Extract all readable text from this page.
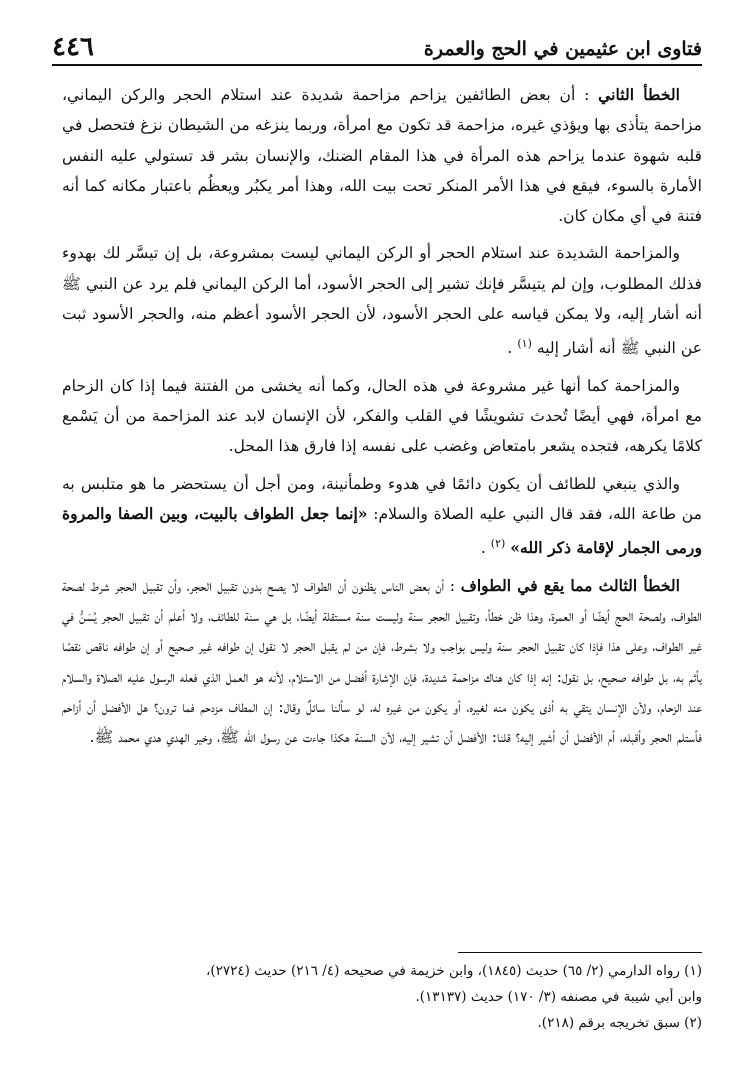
٤٤٦	فتاوى ابن عثيمين في الحج والعمرة

الخطأ الثاني : أن بعض الطائفين يزاحم مزاحمة شديدة عند استلام الحجر والركن اليماني، مزاحمة يتأذى بها ويؤذي غيره، مزاحمة قد تكون مع امرأة، وربما ينزغه من الشيطان نزغ فتحصل في قلبه شهوة عندما يزاحم هذه المرأة في هذا المقام الضنك، والإنسان بشر قد تستولي عليه النفس الأمارة بالسوء، فيقع في هذا الأمر المنكر تحت بيت الله، وهذا أمر يكبُر ويعظُم باعتبار مكانه كما أنه فتنة في أي مكان كان.

والمزاحمة الشديدة عند استلام الحجر أو الركن اليماني ليست بمشروعة، بل إن تيسَّر لك بهدوء فذلك المطلوب، وإن لم يتيسَّر فإنك تشير إلى الحجر الأسود، أما الركن اليماني فلم يرد عن النبي ﷺ أنه أشار إليه، ولا يمكن قياسه على الحجر الأسود، لأن الحجر الأسود أعظم منه، والحجر الأسود ثبت عن النبي ﷺ أنه أشار إليه $^{(١)}$ .

والمزاحمة كما أنها غير مشروعة في هذه الحال، وكما أنه يخشى من الفتنة فيما إذا كان الزحام مع امرأة، فهي أيضًا تُحدث تشويشًا في القلب والفكر، لأن الإنسان لابد عند المزاحمة من أن يَسْمع كلامًا يكرهه، فتجده يشعر بامتعاض وغضب على نفسه إذا فارق هذا المحل.

والذي ينبغي للطائف أن يكون دائمًا في هدوء وطمأنينة، ومن أجل أن يستحضر ما هو متلبس به من طاعة الله، فقد قال النبي عليه الصلاة والسلام: «إنما جعل الطواف بالبيت، وبين الصفا والمروة ورمى الجمار لإقامة ذكر الله» $^{(٢)}$ .

الخطأ الثالث مما يقع في الطواف : أن بعض الناس يظنون أن الطواف لا يصح بدون تقبيل الحجر، وأن تقبيل الحجر شرط لصحة الطواف، ولصحة الحج أيضًا أو العمرة، وهذا ظن خطأ، وتقبيل الحجر سنة وليست سنة مستقلة أيضًا، بل هي سنة للطائف، ولا أعلم أن تقبيل الحجر يُسَنُّ في غير الطواف، وعلى هذا فإذا كان تقبيل الحجر سنة وليس بواجب ولا بشرط، فإن من لم يقبل الحجر لا نقول إن طوافه غير صحيح أو إن طوافه ناقص نقصًا يأثم به، بل طوافه صحيح، بل نقول: إنه إذا كان هناك مزاحمة شديدة، فإن الإشارة أفضل من الاستلام، لأنه هو العمل الذي فعله الرسول عليه الصلاة والسلام عند الزحام، ولأن الإنسان يتقي به أذى يكون منه لغيره، أو يكون من غيره له، لو سألنا سائلٌ وقال: إن المطاف مزدحم فما ترون؟ هل الأفضل أن أزاحم فأستلم الحجر وأقبله، أم الأفضل أن أشير إليه؟ قلنا: الأفضل أن تشير إليه، لأن السنة هكذا جاءت عن رسول الله ﷺ، وخير الهدي هدي محمد ﷺ.

(١) رواه الدارمي (٢/ ٦٥) حديث (١٨٤٥)، وابن خزيمة في صحيحه (٤/ ٢١٦) حديث (٢٧٢٤)،
وابن أبي شيبة في مصنفه (٣/ ١٧٠) حديث (١٣١٣٧).
(٢) سبق تخريجه برقم (٢١٨).
